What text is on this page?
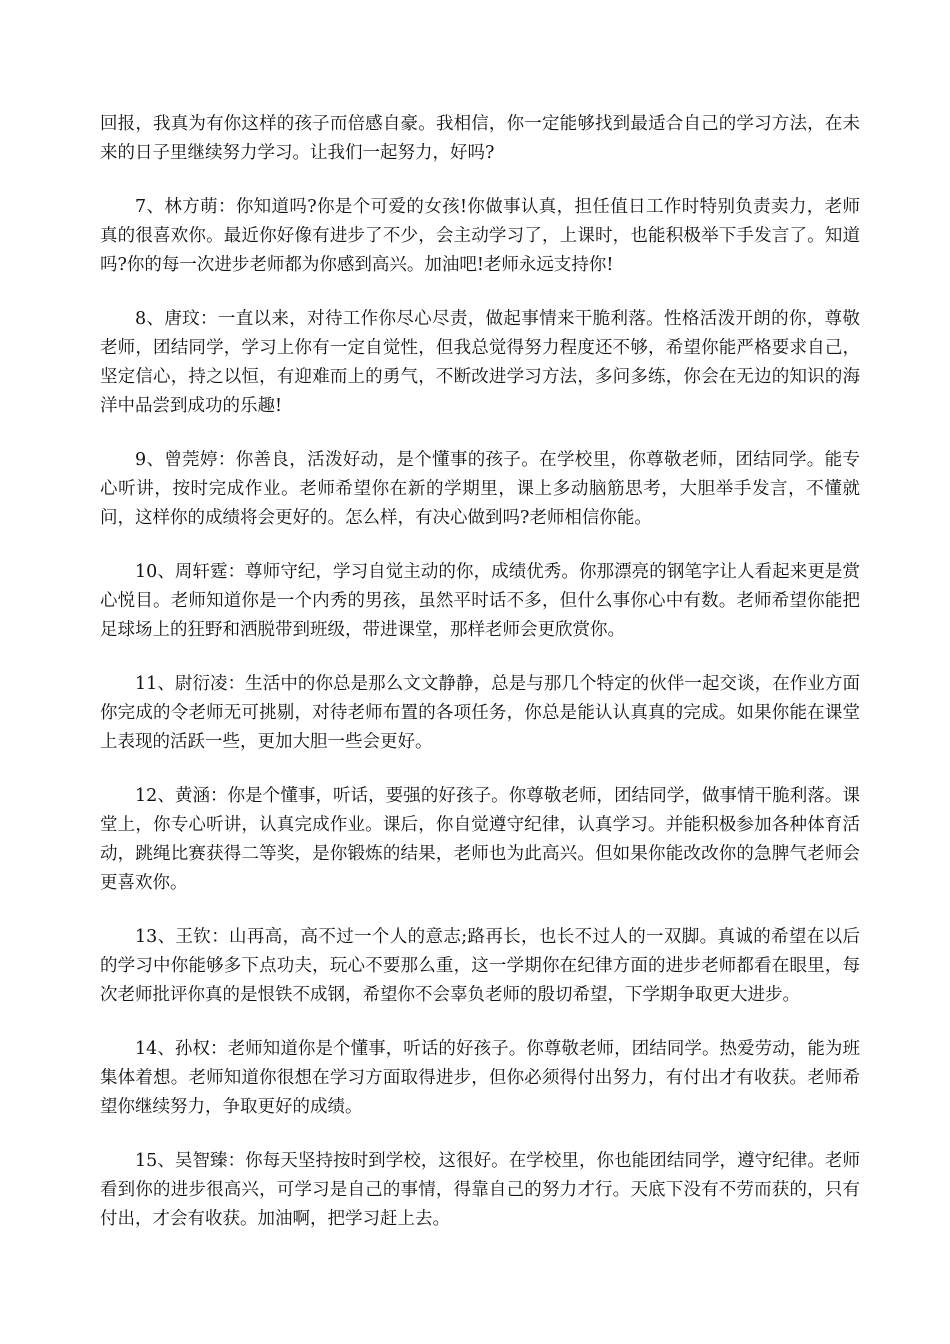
回报，我真为有你这样的孩子而倍感自豪。我相信，你一定能够找到最适合自己的学习方法，在未来的日子里继续努力学习。让我们一起努力，好吗?

7、林方萌：你知道吗?你是个可爱的女孩!你做事认真，担任值日工作时特别负责卖力，老师真的很喜欢你。最近你好像有进步了不少，会主动学习了，上课时，也能积极举下手发言了。知道吗?你的每一次进步老师都为你感到高兴。加油吧!老师永远支持你!

8、唐玟：一直以来，对待工作你尽心尽责，做起事情来干脆利落。性格活泼开朗的你，尊敬老师，团结同学，学习上你有一定自觉性，但我总觉得努力程度还不够，希望你能严格要求自己，坚定信心，持之以恒，有迎难而上的勇气，不断改进学习方法，多问多练，你会在无边的知识的海洋中品尝到成功的乐趣!

9、曾莞婷：你善良，活泼好动，是个懂事的孩子。在学校里，你尊敬老师，团结同学。能专心听讲，按时完成作业。老师希望你在新的学期里，课上多动脑筋思考，大胆举手发言，不懂就问，这样你的成绩将会更好的。怎么样，有决心做到吗?老师相信你能。

10、周轩霆：尊师守纪，学习自觉主动的你，成绩优秀。你那漂亮的钢笔字让人看起来更是赏心悦目。老师知道你是一个内秀的男孩，虽然平时话不多，但什么事你心中有数。老师希望你能把足球场上的狂野和洒脱带到班级，带进课堂，那样老师会更欣赏你。

11、尉衍凌：生活中的你总是那么文文静静，总是与那几个特定的伙伴一起交谈，在作业方面你完成的令老师无可挑剔，对待老师布置的各项任务，你总是能认认真真的完成。如果你能在课堂上表现的活跃一些，更加大胆一些会更好。

12、黄涵：你是个懂事，听话，要强的好孩子。你尊敬老师，团结同学，做事情干脆利落。课堂上，你专心听讲，认真完成作业。课后，你自觉遵守纪律，认真学习。并能积极参加各种体育活动，跳绳比赛获得二等奖，是你锻炼的结果，老师也为此高兴。但如果你能改改你的急脾气老师会更喜欢你。

13、王钦：山再高，高不过一个人的意志;路再长，也长不过人的一双脚。真诚的希望在以后的学习中你能够多下点功夫，玩心不要那么重，这一学期你在纪律方面的进步老师都看在眼里，每次老师批评你真的是恨铁不成钢，希望你不会辜负老师的殷切希望，下学期争取更大进步。

14、孙权：老师知道你是个懂事，听话的好孩子。你尊敬老师，团结同学。热爱劳动，能为班集体着想。老师知道你很想在学习方面取得进步，但你必须得付出努力，有付出才有收获。老师希望你继续努力，争取更好的成绩。

15、吴智臻：你每天坚持按时到学校，这很好。在学校里，你也能团结同学，遵守纪律。老师看到你的进步很高兴，可学习是自己的事情，得靠自己的努力才行。天底下没有不劳而获的，只有付出，才会有收获。加油啊，把学习赶上去。
